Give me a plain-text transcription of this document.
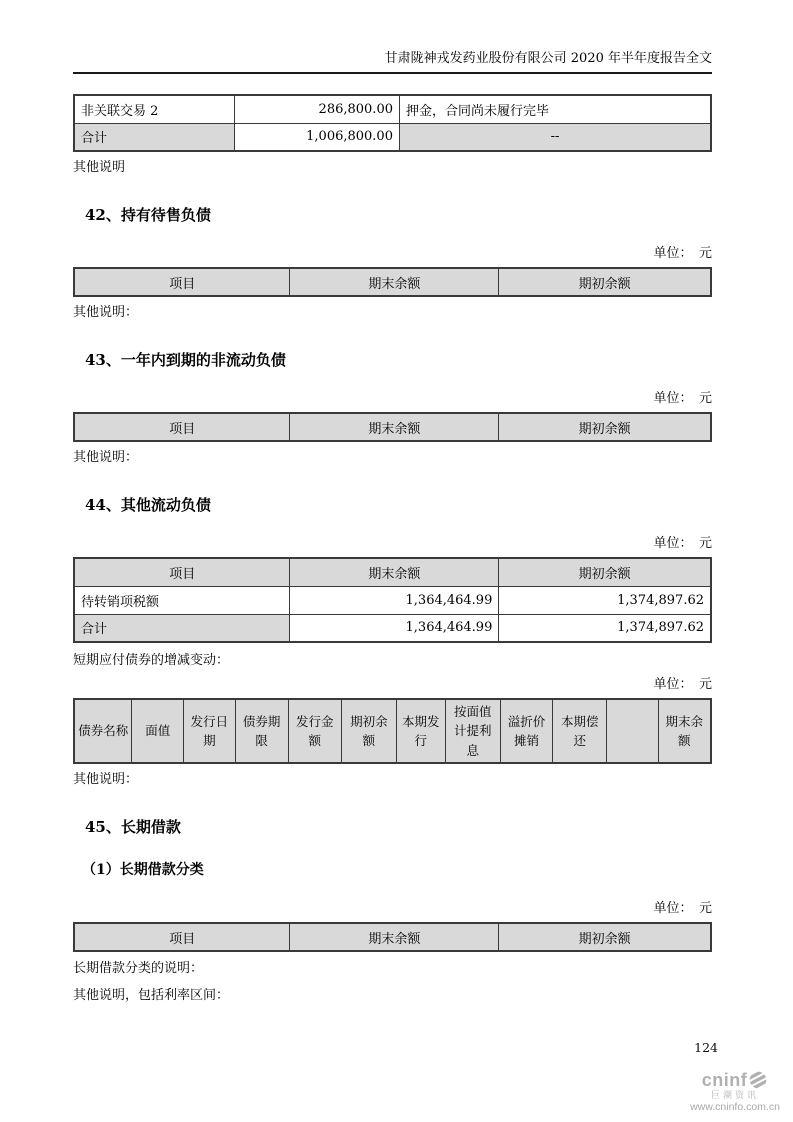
甘肃陇神戎发药业股份有限公司 2020 年半年度报告全文
非关联交易 2	286,800.00	押金，合同尚未履行完毕
合计	1,006,800.00	--
其他说明
42、持有待售负债
单位：　元
项目	期末余额	期初余额
其他说明：
43、一年内到期的非流动负债
单位：　元
项目	期末余额	期初余额
其他说明：
44、其他流动负债
单位：　元
项目	期末余额	期初余额
待转销项税额	1,364,464.99	1,374,897.62
合计	1,364,464.99	1,374,897.62
短期应付债券的增减变动：
单位：　元
债券名称	面值	发行日期	债券期限	发行金额	期初余额	本期发行	按面值计提利息	溢折价摊销	本期偿还		期末余额
其他说明：
45、长期借款
（1）长期借款分类
单位：　元
项目	期末余额	期初余额
长期借款分类的说明：
其他说明，包括利率区间：
124
cninf
巨潮资讯
www.cninfo.com.cn
